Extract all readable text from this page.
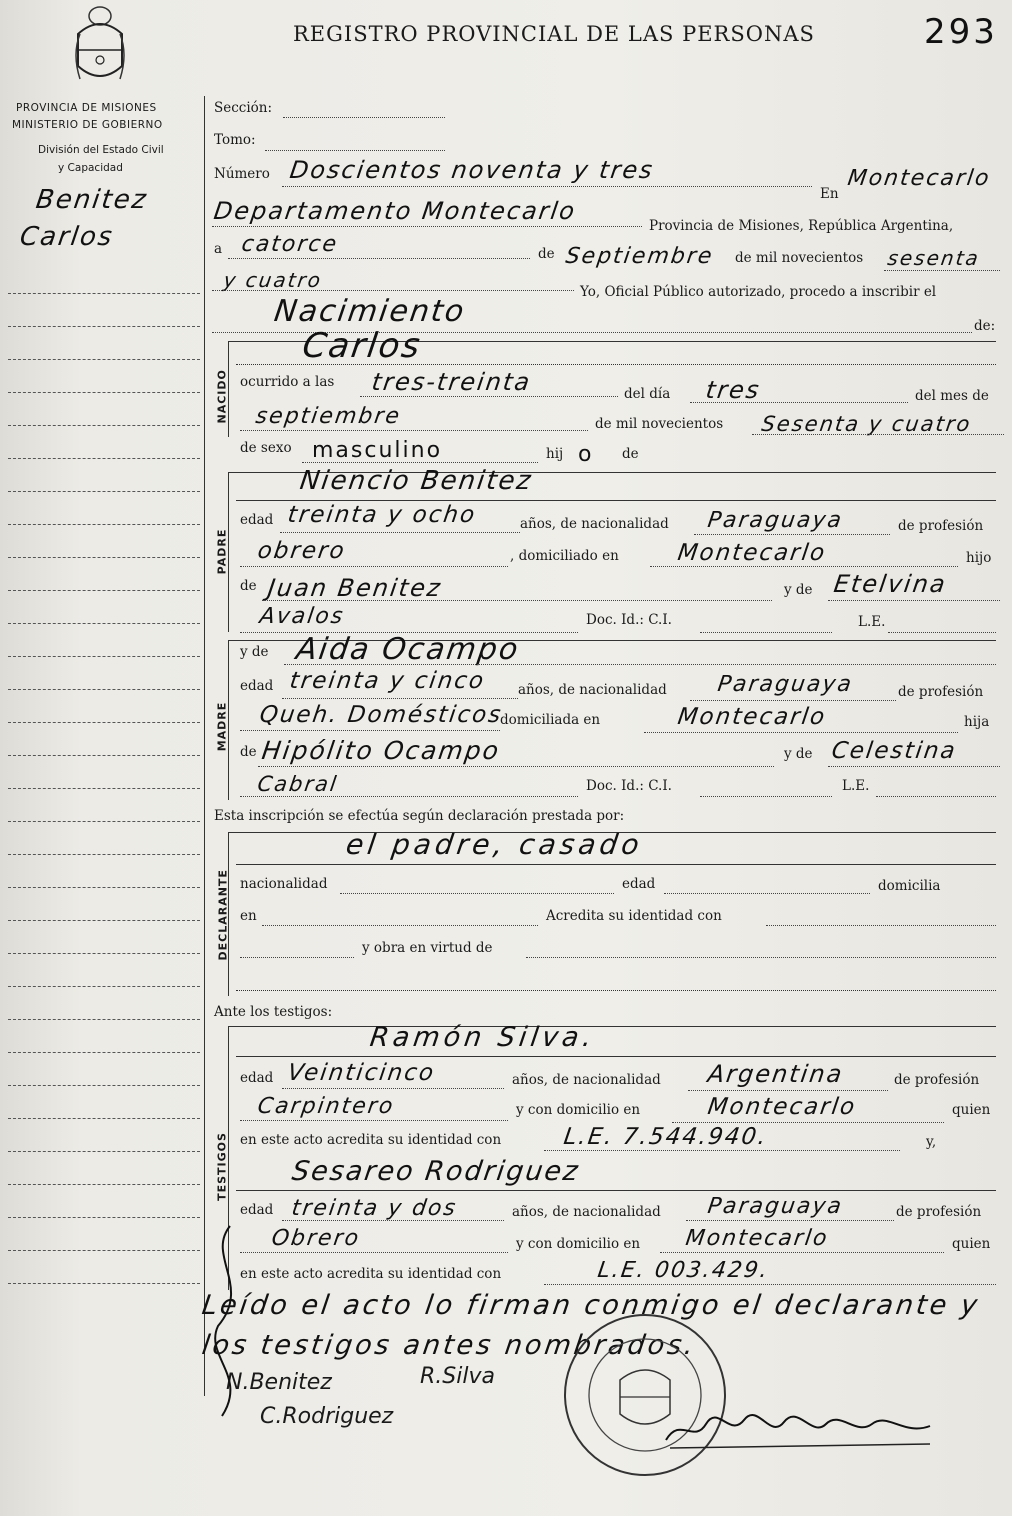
REGISTRO PROVINCIAL DE LAS PERSONAS	293
PROVINCIA DE MISIONES
MINISTERIO DE GOBIERNO
División del Estado Civil
y Capacidad
Benitez
Carlos
Sección:
Tomo:
Número Doscientos noventa y tres
En
Montecarlo
Departamento Montecarlo
Provincia de Misiones, República Argentina,
a catorce	de Septiembre de mil novecientos sesenta
y cuatro	Yo, Oficial Público autorizado, procedo a inscribir el
Nacimiento	de:
NACIDO
Carlos
ocurrido a las tres-treinta	del día tres	del mes de
septiembre	de mil novecientos Sesenta y cuatro
de sexo masculino	hij o de
PADRE
Niencio Benitez
edad treinta y ocho	años, de nacionalidad Paraguaya	de profesión
obrero	, domiciliado en Montecarlo	hijo
de Juan Benitez	y de Etelvina
Avalos	Doc. Id.: C.I.	L.E.
MADRE
y de Aida Ocampo
edad treinta y cinco años, de nacionalidad Paraguaya	de profesión
Queh. Domésticos
domiciliada en	Montecarlo	hija
de Hipólito Ocampo	y de Celestina
Cabral	Doc. Id.: C.I.	L.E.
Esta inscripción se efectúa según declaración prestada por:
DECLARANTE
el padre, casado
nacionalidad	edad	domicilia
en	Acredita su identidad con
y obra en virtud de
Ante los testigos:
TESTIGOS
Ramón Silva.
edad Veinticinco	años, de nacionalidad Argentina	de profesión
Carpintero	y con domicilio en	Montecarlo	quien
en este acto acredita su identidad con	L.E. 7.544.940.	y,
Sesareo Rodriguez
edad treinta y dos	años, de nacionalidad Paraguaya	de profesión
Obrero	y con domicilio en Montecarlo	quien
en este acto acredita su identidad con	L.E. 003.429.
Leído el acto lo firman conmigo el declarante y
los testigos antes nombrados.
N.Benitez	R.Silva
C.Rodriguez
